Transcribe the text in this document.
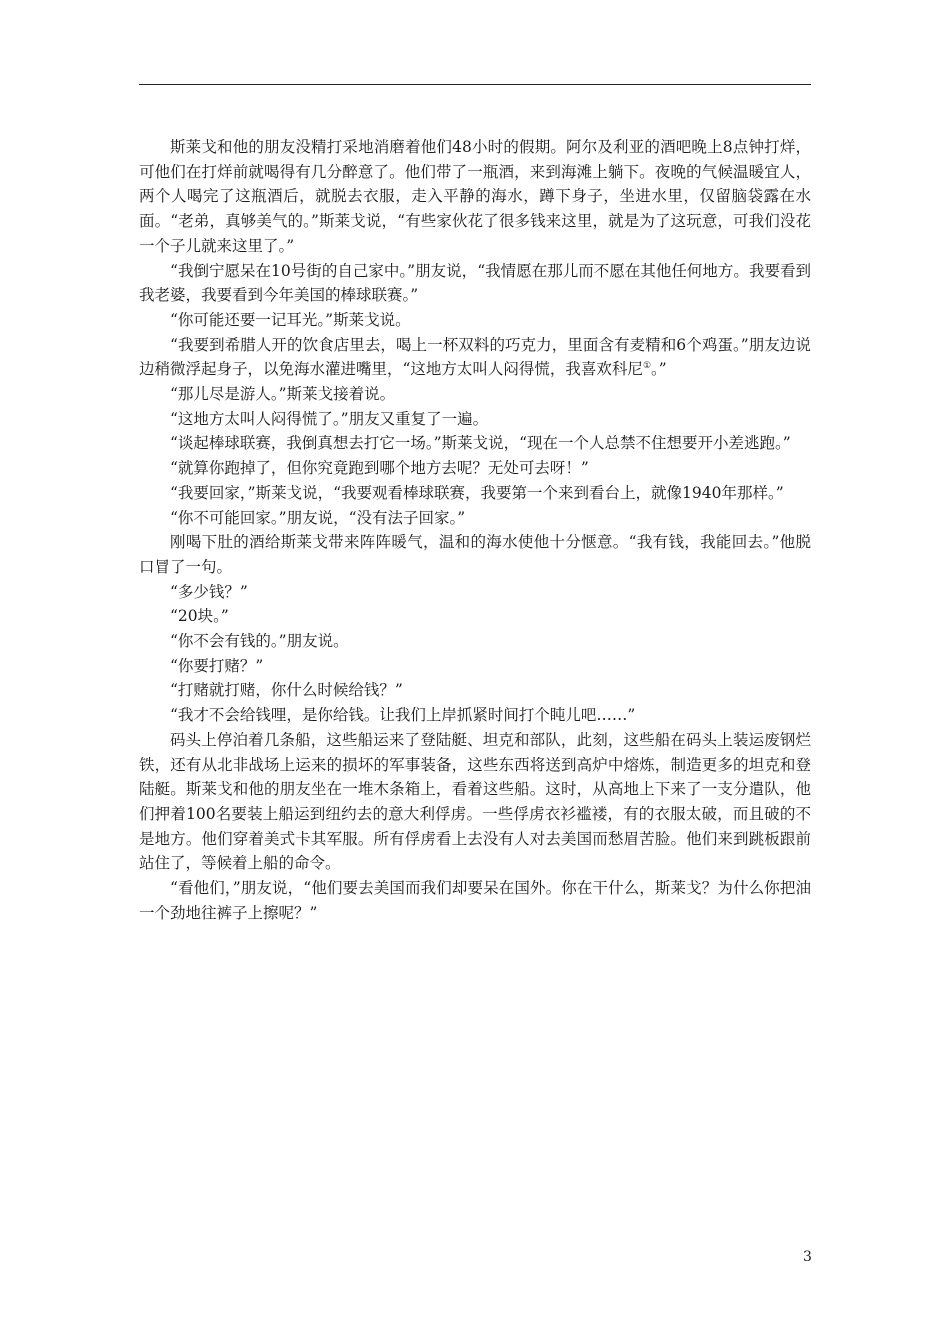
斯莱戈和他的朋友没精打采地消磨着他们48小时的假期。阿尔及利亚的酒吧晚上8点钟打烊，可他们在打烊前就喝得有几分醉意了。他们带了一瓶酒，来到海滩上躺下。夜晚的气候温暖宜人，两个人喝完了这瓶酒后，就脱去衣服，走入平静的海水，蹲下身子，坐进水里，仅留脑袋露在水面。“老弟，真够美气的。”斯莱戈说，“有些家伙花了很多钱来这里，就是为了这玩意，可我们没花一个子儿就来这里了。”

“我倒宁愿呆在10号街的自己家中。”朋友说，“我情愿在那儿而不愿在其他任何地方。我要看到我老婆，我要看到今年美国的棒球联赛。”

“你可能还要一记耳光。”斯莱戈说。

“我要到希腊人开的饮食店里去，喝上一杯双料的巧克力，里面含有麦精和6个鸡蛋。”朋友边说边稍微浮起身子，以免海水灌进嘴里，“这地方太叫人闷得慌，我喜欢科尼①。”

“那儿尽是游人。”斯莱戈接着说。

“这地方太叫人闷得慌了。”朋友又重复了一遍。

“谈起棒球联赛，我倒真想去打它一场。”斯莱戈说，“现在一个人总禁不住想要开小差逃跑。”

“就算你跑掉了，但你究竟跑到哪个地方去呢？无处可去呀！”

“我要回家，”斯莱戈说，“我要观看棒球联赛，我要第一个来到看台上，就像1940年那样。”

“你不可能回家。”朋友说，“没有法子回家。”

刚喝下肚的酒给斯莱戈带来阵阵暖气，温和的海水使他十分惬意。“我有钱，我能回去。”他脱口冒了一句。

“多少钱？”

“20块。”

“你不会有钱的。”朋友说。

“你要打赌？”

“打赌就打赌，你什么时候给钱？”

“我才不会给钱哩，是你给钱。让我们上岸抓紧时间打个盹儿吧……”

码头上停泊着几条船，这些船运来了登陆艇、坦克和部队，此刻，这些船在码头上装运废钢烂铁，还有从北非战场上运来的损坏的军事装备，这些东西将送到高炉中熔炼，制造更多的坦克和登陆艇。斯莱戈和他的朋友坐在一堆木条箱上，看着这些船。这时，从高地上下来了一支分遣队，他们押着100名要装上船运到纽约去的意大利俘虏。一些俘虏衣衫褴褛，有的衣服太破，而且破的不是地方。他们穿着美式卡其军服。所有俘虏看上去没有人对去美国而愁眉苦脸。他们来到跳板跟前站住了，等候着上船的命令。

“看他们，”朋友说，“他们要去美国而我们却要呆在国外。你在干什么，斯莱戈？为什么你把油一个劲地往裤子上擦呢？”

3
